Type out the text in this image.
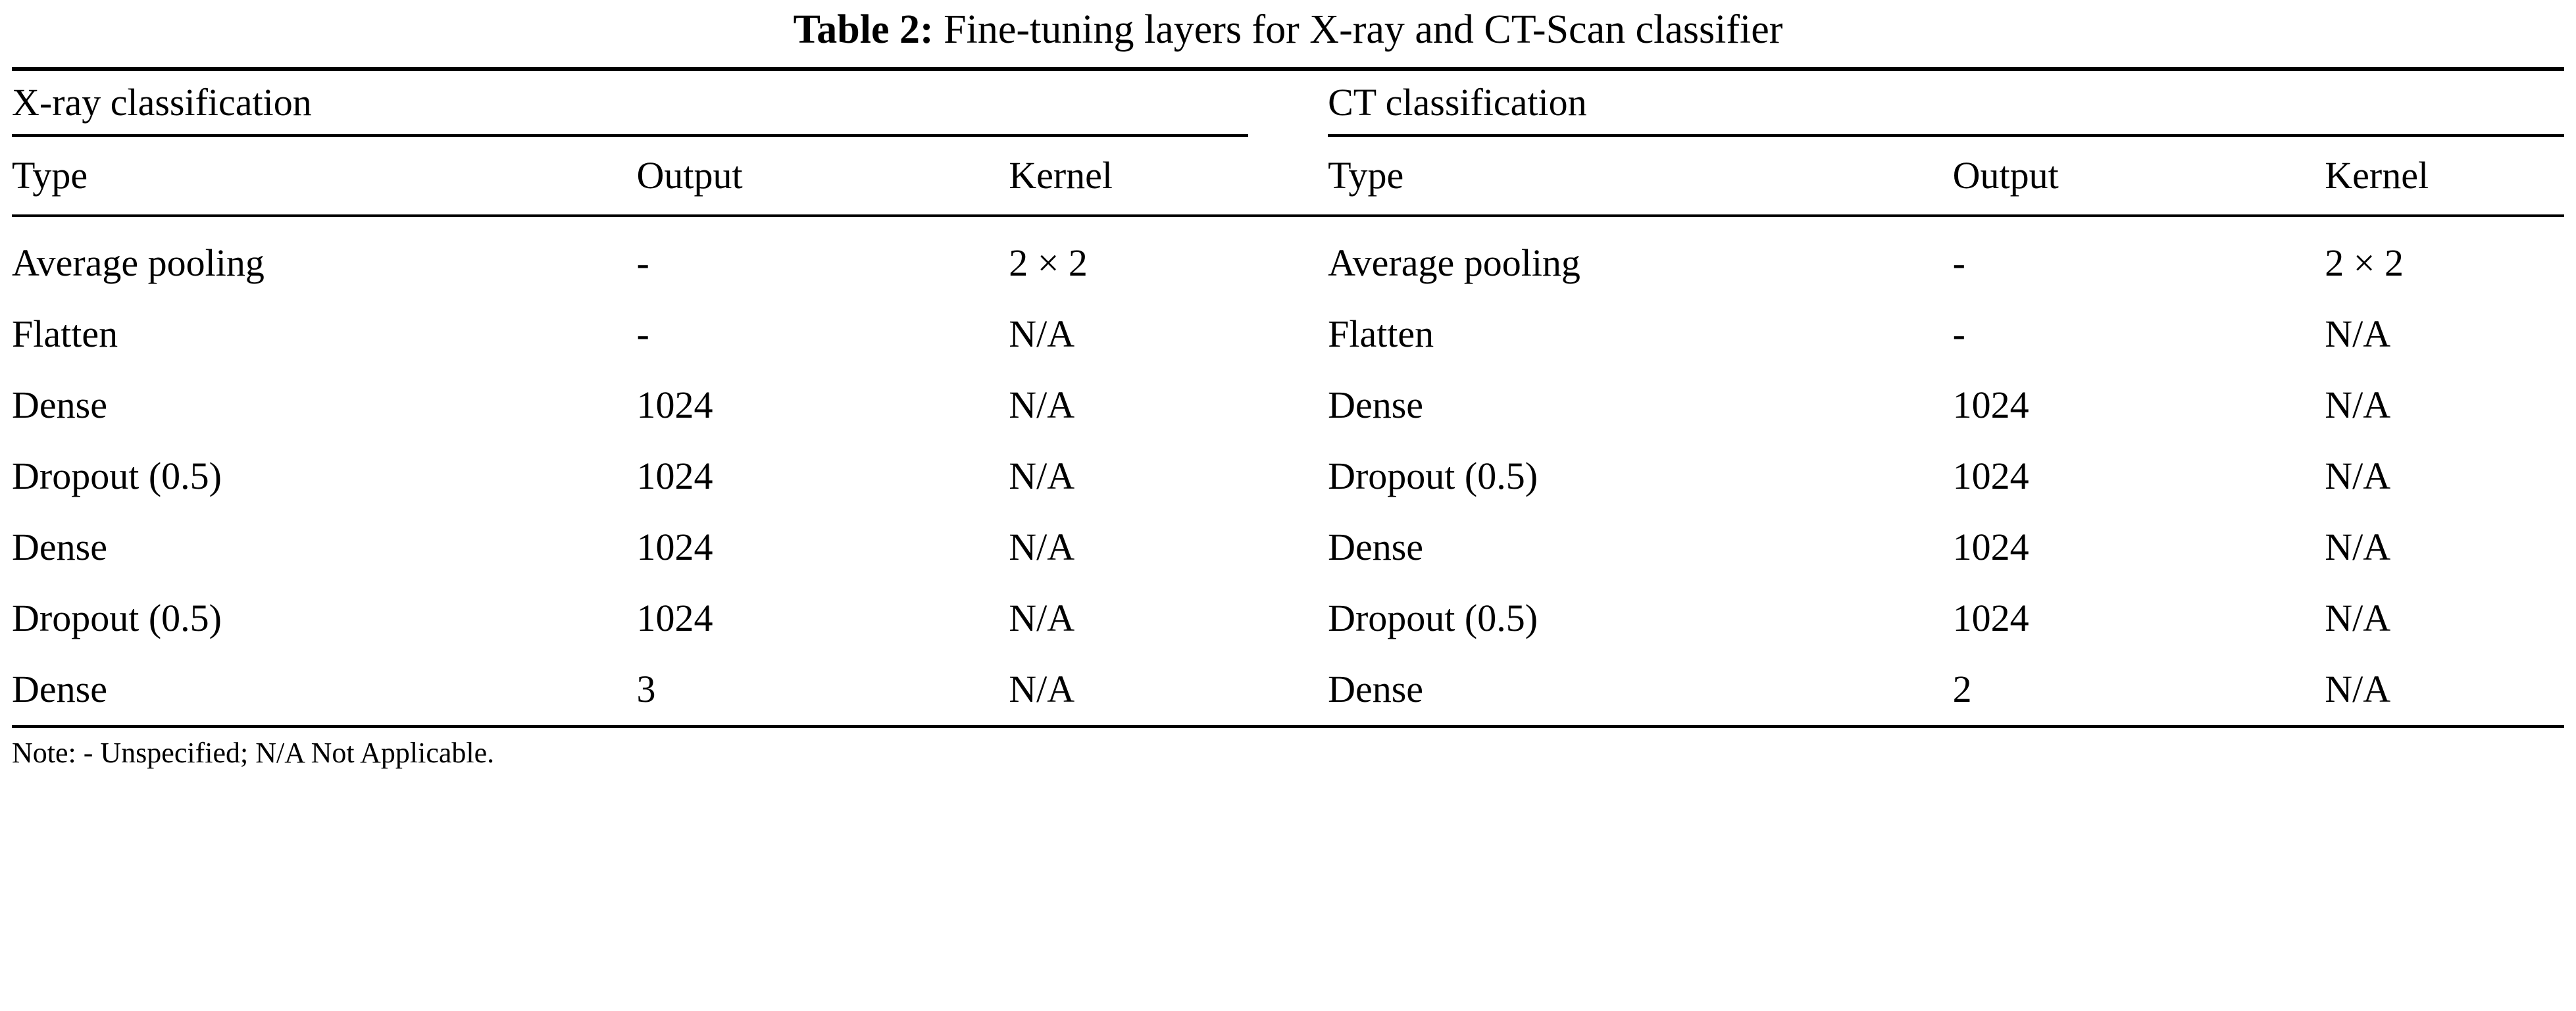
Table 2: Fine-tuning layers for X-ray and CT-Scan classifier
X-ray classification				CT classification		
Type	Output	Kernel		Type	Output	Kernel
Average pooling	-	2 × 2		Average pooling	-	2 × 2
Flatten	-	N/A		Flatten	-	N/A
Dense	1024	N/A		Dense	1024	N/A
Dropout (0.5)	1024	N/A		Dropout (0.5)	1024	N/A
Dense	1024	N/A		Dense	1024	N/A
Dropout (0.5)	1024	N/A		Dropout (0.5)	1024	N/A
Dense	3	N/A		Dense	2	N/A
Note: - Unspecified; N/A Not Applicable.
